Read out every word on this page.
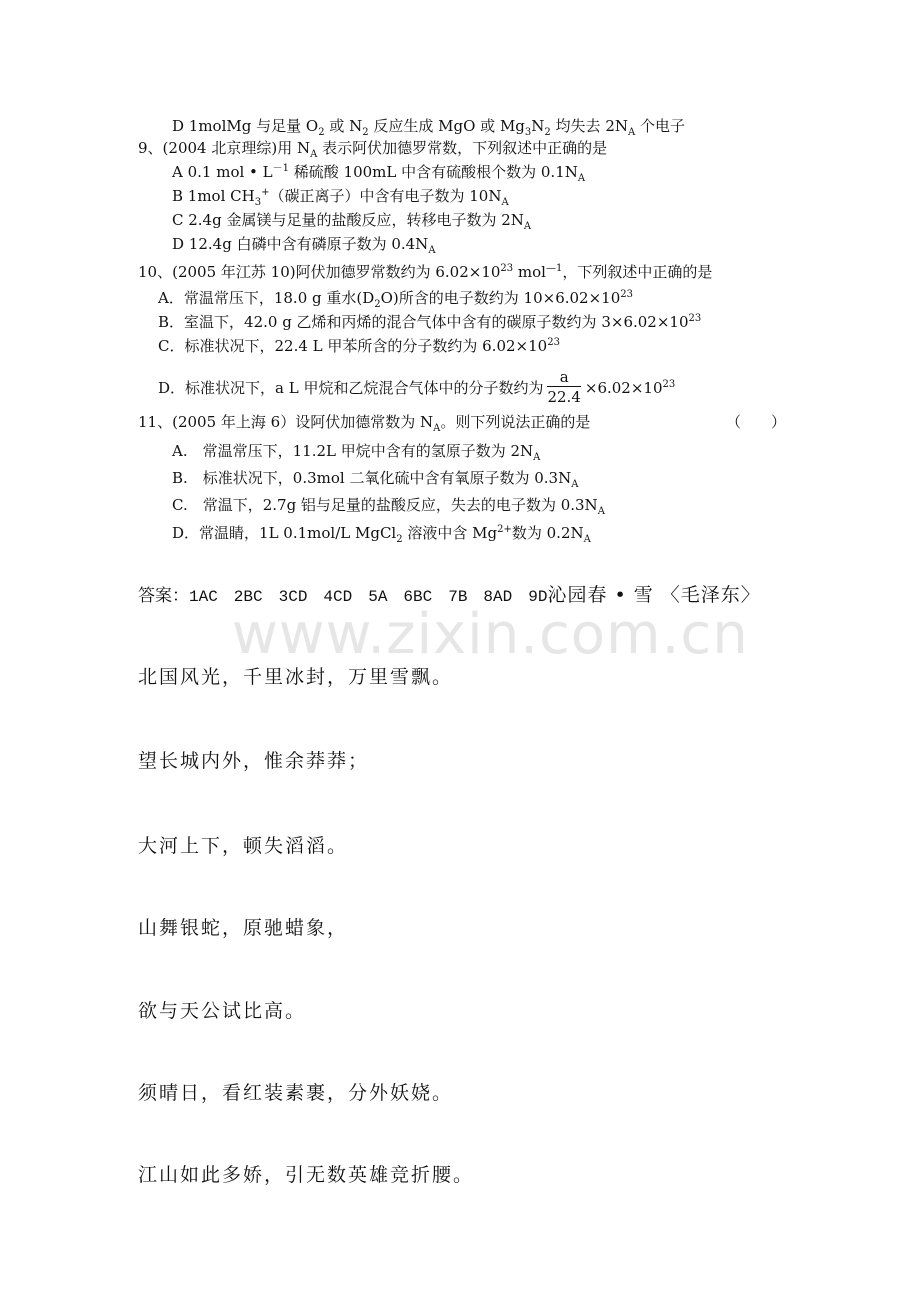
D 1molMg 与足量 $O_2$ 或 $N_2$ 反应生成 MgO 或 $Mg_3N_2$ 均失去 $2N_A$ 个电子
9、(2004 北京理综)用 $N_A$ 表示阿伏加德罗常数，下列叙述中正确的是
A 0.1 mol • $L^{-1}$ 稀硫酸 100mL 中含有硫酸根个数为 $0.1N_A$
B 1mol $CH_3^+$（碳正离子）中含有电子数为 $10N_A$
C 2.4g 金属镁与足量的盐酸反应，转移电子数为 $2N_A$
D 12.4g 白磷中含有磷原子数为 $0.4N_A$
10、(2005 年江苏 10)阿伏加德罗常数约为 $6.02\times 10^{23}$ mol$^{—1}$，下列叙述中正确的是
A．常温常压下，18.0 g 重水$(D_2O)$所含的电子数约为 $10\times 6.02\times 10^{23}$
B．室温下，42.0 g 乙烯和丙烯的混合气体中含有的碳原子数约为 $3\times 6.02\times 10^{23}$
C．标准状况下，22.4 L 甲苯所含的分子数约为 $6.02\times 10^{23}$
D．标准状况下，a L 甲烷和乙烷混合气体中的分子数约为 $\frac{a}{22.4} \times 6.02\times 10^{23}$
11、(2005 年上海 6）设阿伏加德常数为 $N_A$。则下列说法正确的是	（　　）
A.　常温常压下，11.2L 甲烷中含有的氢原子数为 $2N_A$
B.　标准状况下，0.3mol 二氧化硫中含有氧原子数为 $0.3N_A$
C.　常温下，2.7g 铝与足量的盐酸反应，失去的电子数为 $0.3N_A$
D．常温睛，1L 0.1mol/L MgCl$_2$ 溶液中含 $Mg^{2+}$数为 $0.2N_A$
www.zixin.com.cn
答案：1AC　2BC　3CD　4CD　5A　6BC　7B　8AD　9D沁园春 • 雪 〈毛泽东〉
北国风光，千里冰封，万里雪飘。
望长城内外，惟余莽莽；
大河上下，顿失滔滔。
山舞银蛇，原驰蜡象，
欲与天公试比高。
须晴日，看红装素裹，分外妖娆。
江山如此多娇，引无数英雄竞折腰。
